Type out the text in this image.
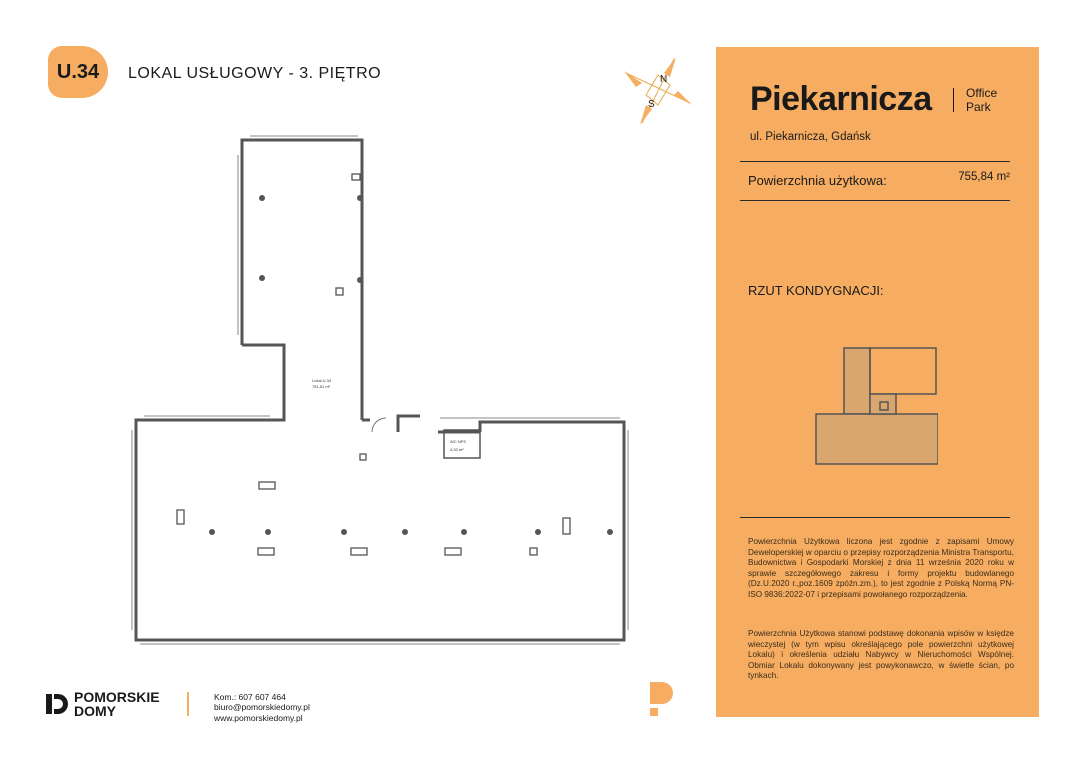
U.34 LOKAL USŁUGOWY - 3. PIĘTRO	N
S
WC NPS
4,33 m²
Lokal U.34
751,51 m²
Piekarnicza	Office
Park
ul. Piekarnicza, Gdańsk
Powierzchnia użytkowa:	755,84 m²
RZUT KONDYGNACJI:
Powierzchnia Użytkowa liczona jest zgodnie z zapisami Umowy Deweloperskiej w oparciu o przepisy rozporządzenia Ministra Transportu, Budownictwa i Gospodarki Morskiej z dnia 11 września 2020 roku w sprawie szczegółowego zakresu i formy projektu budowlanego (Dz.U.2020 r.,poz.1609 zpóźn.zm.), to jest zgodnie z Polską Normą PN-ISO 9836:2022-07 i przepisami powołanego rozporządzenia.
Powierzchnia Użytkowa stanowi podstawę dokonania wpisów w księdze wieczystej (w tym wpisu określającego pole powierzchni użytkowej Lokalu) i określenia udziału Nabywcy w Nieruchomości Wspólnej. Obmiar Lokalu dokonywany jest powykonawczo, w świetle ścian, po tynkach.
POMORSKIE
DOMY
Kom.: 607 607 464
biuro@pomorskiedomy.pl
www.pomorskiedomy.pl
